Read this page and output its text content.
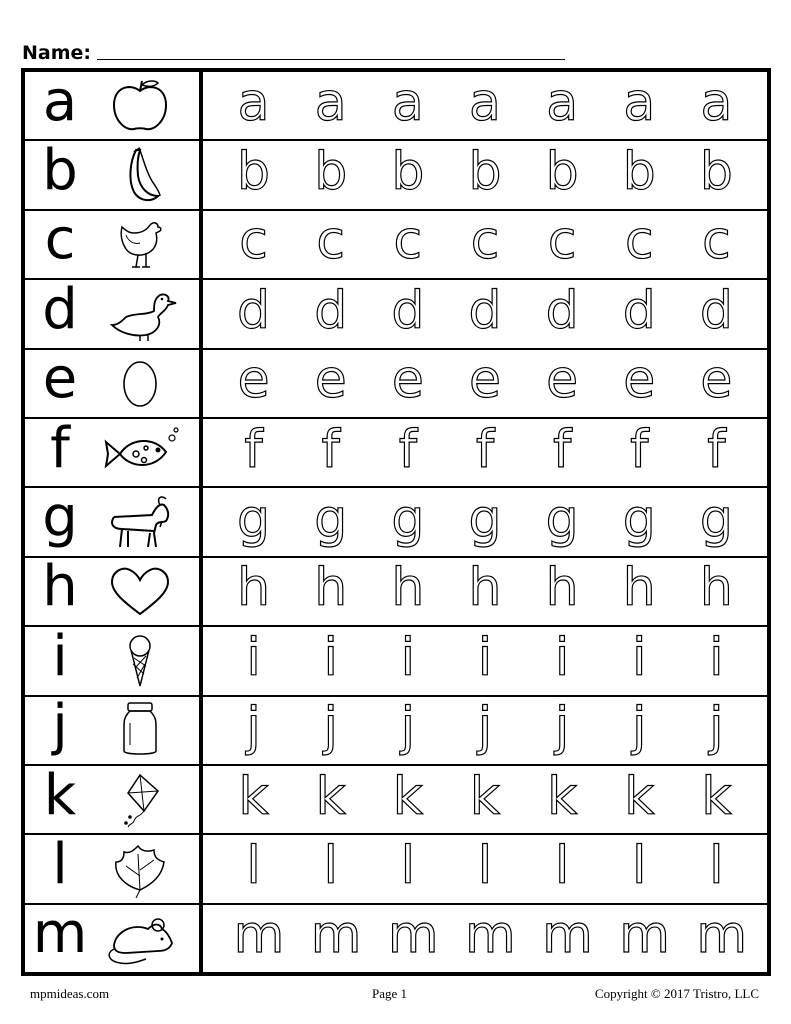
Name:
a	a a a a a a a
b	b b b b b b b
c	c c c c c c c
d	d d d d d d d
e	e e e e e e e
f	f f f f f f f
g	g g g g g g g
h	h h h h h h h
i	i i i i i i i
j	j j j j j j j
k	k k k k k k k
l	l l l l l l l
m	m m m m m m m
mpmideas.com	Page 1	Copyright © 2017 Tristro, LLC
